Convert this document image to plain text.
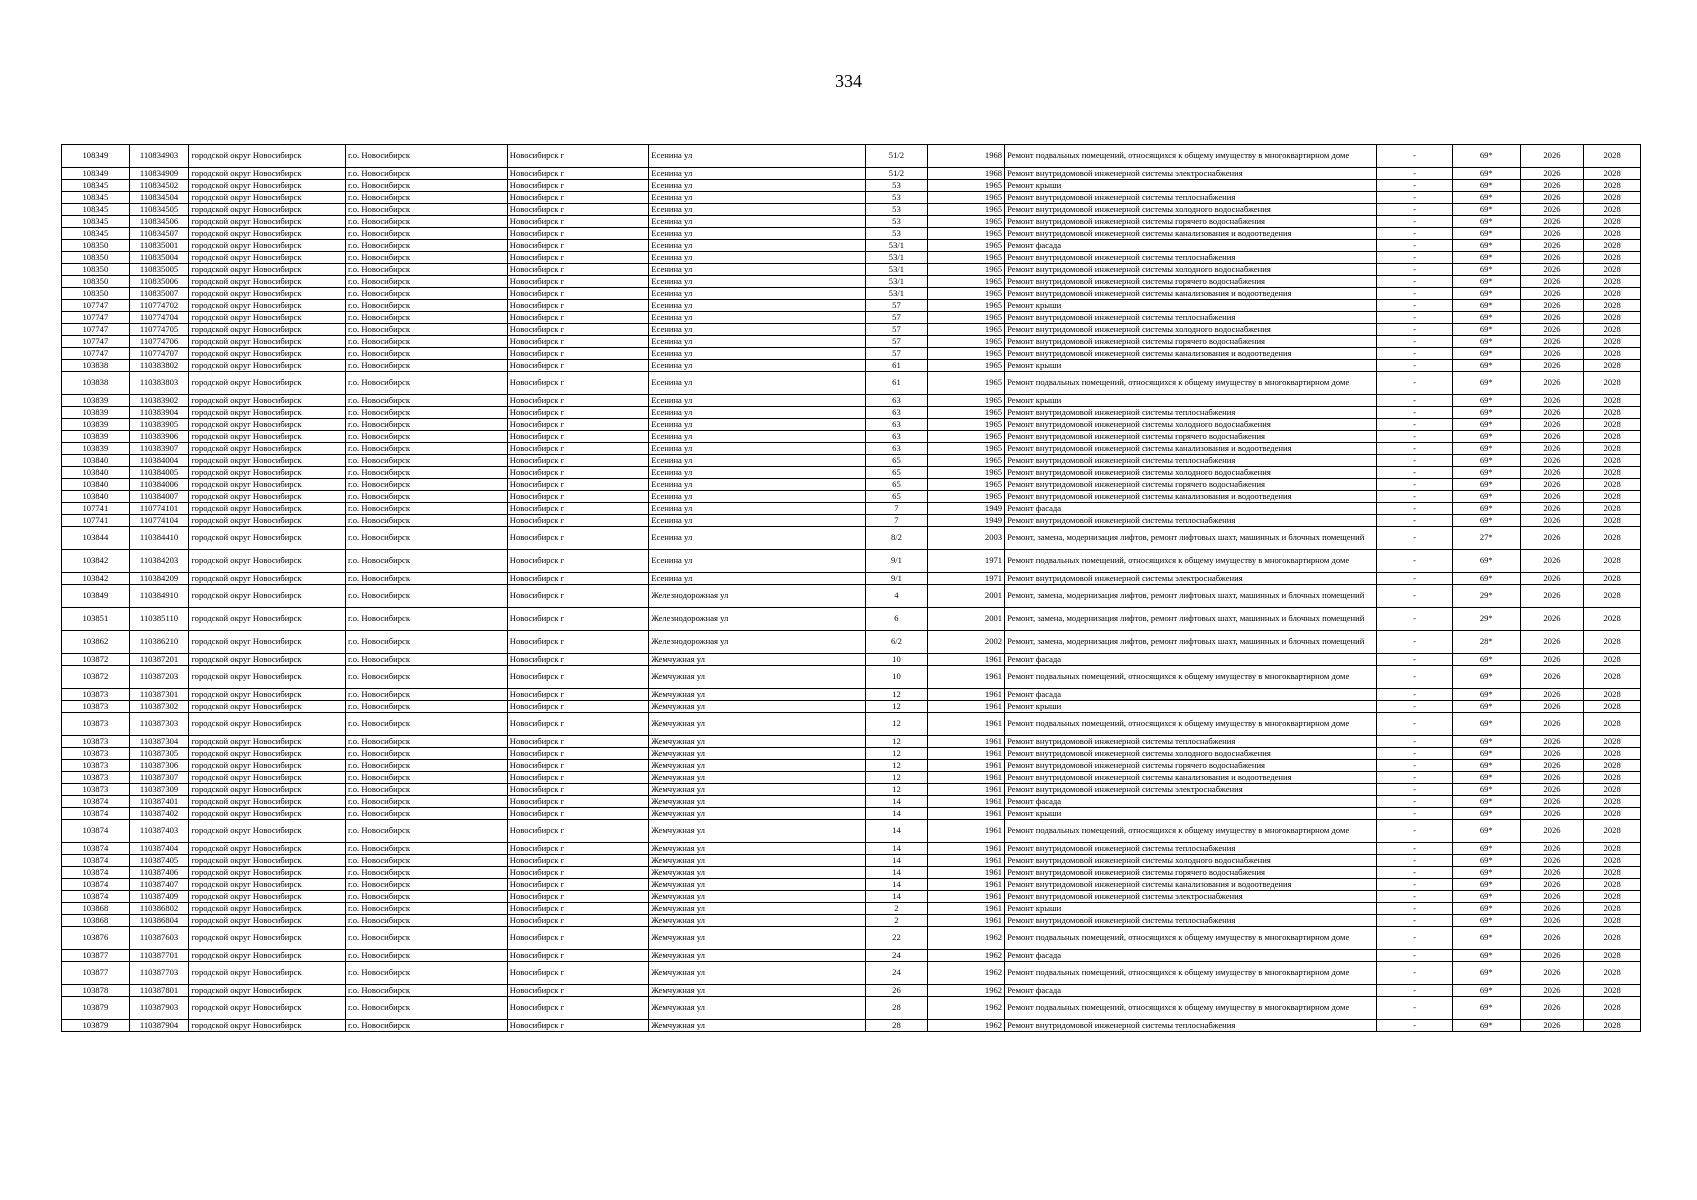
334
108349	110834903	городской округ Новосибирск	г.о. Новосибирск	Новосибирск г	Есенина ул	51/2	1968	Ремонт подвальных помещений, относящихся к общему имуществу в многоквартирном доме	-	69*	2026	2028
108349	110834909	городской округ Новосибирск	г.о. Новосибирск	Новосибирск г	Есенина ул	51/2	1968	Ремонт внутридомовой инженерной системы электроснабжения	-	69*	2026	2028
108345	110834502	городской округ Новосибирск	г.о. Новосибирск	Новосибирск г	Есенина ул	53	1965	Ремонт крыши	-	69*	2026	2028
108345	110834504	городской округ Новосибирск	г.о. Новосибирск	Новосибирск г	Есенина ул	53	1965	Ремонт внутридомовой инженерной системы теплоснабжения	-	69*	2026	2028
108345	110834505	городской округ Новосибирск	г.о. Новосибирск	Новосибирск г	Есенина ул	53	1965	Ремонт внутридомовой инженерной системы холодного водоснабжения	-	69*	2026	2028
108345	110834506	городской округ Новосибирск	г.о. Новосибирск	Новосибирск г	Есенина ул	53	1965	Ремонт внутридомовой инженерной системы горячего водоснабжения	-	69*	2026	2028
108345	110834507	городской округ Новосибирск	г.о. Новосибирск	Новосибирск г	Есенина ул	53	1965	Ремонт внутридомовой инженерной системы канализования и водоотведения	-	69*	2026	2028
108350	110835001	городской округ Новосибирск	г.о. Новосибирск	Новосибирск г	Есенина ул	53/1	1965	Ремонт фасада	-	69*	2026	2028
108350	110835004	городской округ Новосибирск	г.о. Новосибирск	Новосибирск г	Есенина ул	53/1	1965	Ремонт внутридомовой инженерной системы теплоснабжения	-	69*	2026	2028
108350	110835005	городской округ Новосибирск	г.о. Новосибирск	Новосибирск г	Есенина ул	53/1	1965	Ремонт внутридомовой инженерной системы холодного водоснабжения	-	69*	2026	2028
108350	110835006	городской округ Новосибирск	г.о. Новосибирск	Новосибирск г	Есенина ул	53/1	1965	Ремонт внутридомовой инженерной системы горячего водоснабжения	-	69*	2026	2028
108350	110835007	городской округ Новосибирск	г.о. Новосибирск	Новосибирск г	Есенина ул	53/1	1965	Ремонт внутридомовой инженерной системы канализования и водоотведения	-	69*	2026	2028
107747	110774702	городской округ Новосибирск	г.о. Новосибирск	Новосибирск г	Есенина ул	57	1965	Ремонт крыши	-	69*	2026	2028
107747	110774704	городской округ Новосибирск	г.о. Новосибирск	Новосибирск г	Есенина ул	57	1965	Ремонт внутридомовой инженерной системы теплоснабжения	-	69*	2026	2028
107747	110774705	городской округ Новосибирск	г.о. Новосибирск	Новосибирск г	Есенина ул	57	1965	Ремонт внутридомовой инженерной системы холодного водоснабжения	-	69*	2026	2028
107747	110774706	городской округ Новосибирск	г.о. Новосибирск	Новосибирск г	Есенина ул	57	1965	Ремонт внутридомовой инженерной системы горячего водоснабжения	-	69*	2026	2028
107747	110774707	городской округ Новосибирск	г.о. Новосибирск	Новосибирск г	Есенина ул	57	1965	Ремонт внутридомовой инженерной системы канализования и водоотведения	-	69*	2026	2028
103838	110383802	городской округ Новосибирск	г.о. Новосибирск	Новосибирск г	Есенина ул	61	1965	Ремонт крыши	-	69*	2026	2028
103838	110383803	городской округ Новосибирск	г.о. Новосибирск	Новосибирск г	Есенина ул	61	1965	Ремонт подвальных помещений, относящихся к общему имуществу в многоквартирном доме	-	69*	2026	2028
103839	110383902	городской округ Новосибирск	г.о. Новосибирск	Новосибирск г	Есенина ул	63	1965	Ремонт крыши	-	69*	2026	2028
103839	110383904	городской округ Новосибирск	г.о. Новосибирск	Новосибирск г	Есенина ул	63	1965	Ремонт внутридомовой инженерной системы теплоснабжения	-	69*	2026	2028
103839	110383905	городской округ Новосибирск	г.о. Новосибирск	Новосибирск г	Есенина ул	63	1965	Ремонт внутридомовой инженерной системы холодного водоснабжения	-	69*	2026	2028
103839	110383906	городской округ Новосибирск	г.о. Новосибирск	Новосибирск г	Есенина ул	63	1965	Ремонт внутридомовой инженерной системы горячего водоснабжения	-	69*	2026	2028
103839	110383907	городской округ Новосибирск	г.о. Новосибирск	Новосибирск г	Есенина ул	63	1965	Ремонт внутридомовой инженерной системы канализования и водоотведения	-	69*	2026	2028
103840	110384004	городской округ Новосибирск	г.о. Новосибирск	Новосибирск г	Есенина ул	65	1965	Ремонт внутридомовой инженерной системы теплоснабжения	-	69*	2026	2028
103840	110384005	городской округ Новосибирск	г.о. Новосибирск	Новосибирск г	Есенина ул	65	1965	Ремонт внутридомовой инженерной системы холодного водоснабжения	-	69*	2026	2028
103840	110384006	городской округ Новосибирск	г.о. Новосибирск	Новосибирск г	Есенина ул	65	1965	Ремонт внутридомовой инженерной системы горячего водоснабжения	-	69*	2026	2028
103840	110384007	городской округ Новосибирск	г.о. Новосибирск	Новосибирск г	Есенина ул	65	1965	Ремонт внутридомовой инженерной системы канализования и водоотведения	-	69*	2026	2028
107741	110774101	городской округ Новосибирск	г.о. Новосибирск	Новосибирск г	Есенина ул	7	1949	Ремонт фасада	-	69*	2026	2028
107741	110774104	городской округ Новосибирск	г.о. Новосибирск	Новосибирск г	Есенина ул	7	1949	Ремонт внутридомовой инженерной системы теплоснабжения	-	69*	2026	2028
103844	110384410	городской округ Новосибирск	г.о. Новосибирск	Новосибирск г	Есенина ул	8/2	2003	Ремонт, замена, модернизация лифтов, ремонт лифтовых шахт, машинных и блочных помещений	-	27*	2026	2028
103842	110384203	городской округ Новосибирск	г.о. Новосибирск	Новосибирск г	Есенина ул	9/1	1971	Ремонт подвальных помещений, относящихся к общему имуществу в многоквартирном доме	-	69*	2026	2028
103842	110384209	городской округ Новосибирск	г.о. Новосибирск	Новосибирск г	Есенина ул	9/1	1971	Ремонт внутридомовой инженерной системы электроснабжения	-	69*	2026	2028
103849	110384910	городской округ Новосибирск	г.о. Новосибирск	Новосибирск г	Железнодорожная ул	4	2001	Ремонт, замена, модернизация лифтов, ремонт лифтовых шахт, машинных и блочных помещений	-	29*	2026	2028
103851	110385110	городской округ Новосибирск	г.о. Новосибирск	Новосибирск г	Железнодорожная ул	6	2001	Ремонт, замена, модернизация лифтов, ремонт лифтовых шахт, машинных и блочных помещений	-	29*	2026	2028
103862	110386210	городской округ Новосибирск	г.о. Новосибирск	Новосибирск г	Железнодорожная ул	6/2	2002	Ремонт, замена, модернизация лифтов, ремонт лифтовых шахт, машинных и блочных помещений	-	28*	2026	2028
103872	110387201	городской округ Новосибирск	г.о. Новосибирск	Новосибирск г	Жемчужная ул	10	1961	Ремонт фасада	-	69*	2026	2028
103872	110387203	городской округ Новосибирск	г.о. Новосибирск	Новосибирск г	Жемчужная ул	10	1961	Ремонт подвальных помещений, относящихся к общему имуществу в многоквартирном доме	-	69*	2026	2028
103873	110387301	городской округ Новосибирск	г.о. Новосибирск	Новосибирск г	Жемчужная ул	12	1961	Ремонт фасада	-	69*	2026	2028
103873	110387302	городской округ Новосибирск	г.о. Новосибирск	Новосибирск г	Жемчужная ул	12	1961	Ремонт крыши	-	69*	2026	2028
103873	110387303	городской округ Новосибирск	г.о. Новосибирск	Новосибирск г	Жемчужная ул	12	1961	Ремонт подвальных помещений, относящихся к общему имуществу в многоквартирном доме	-	69*	2026	2028
103873	110387304	городской округ Новосибирск	г.о. Новосибирск	Новосибирск г	Жемчужная ул	12	1961	Ремонт внутридомовой инженерной системы теплоснабжения	-	69*	2026	2028
103873	110387305	городской округ Новосибирск	г.о. Новосибирск	Новосибирск г	Жемчужная ул	12	1961	Ремонт внутридомовой инженерной системы холодного водоснабжения	-	69*	2026	2028
103873	110387306	городской округ Новосибирск	г.о. Новосибирск	Новосибирск г	Жемчужная ул	12	1961	Ремонт внутридомовой инженерной системы горячего водоснабжения	-	69*	2026	2028
103873	110387307	городской округ Новосибирск	г.о. Новосибирск	Новосибирск г	Жемчужная ул	12	1961	Ремонт внутридомовой инженерной системы канализования и водоотведения	-	69*	2026	2028
103873	110387309	городской округ Новосибирск	г.о. Новосибирск	Новосибирск г	Жемчужная ул	12	1961	Ремонт внутридомовой инженерной системы электроснабжения	-	69*	2026	2028
103874	110387401	городской округ Новосибирск	г.о. Новосибирск	Новосибирск г	Жемчужная ул	14	1961	Ремонт фасада	-	69*	2026	2028
103874	110387402	городской округ Новосибирск	г.о. Новосибирск	Новосибирск г	Жемчужная ул	14	1961	Ремонт крыши	-	69*	2026	2028
103874	110387403	городской округ Новосибирск	г.о. Новосибирск	Новосибирск г	Жемчужная ул	14	1961	Ремонт подвальных помещений, относящихся к общему имуществу в многоквартирном доме	-	69*	2026	2028
103874	110387404	городской округ Новосибирск	г.о. Новосибирск	Новосибирск г	Жемчужная ул	14	1961	Ремонт внутридомовой инженерной системы теплоснабжения	-	69*	2026	2028
103874	110387405	городской округ Новосибирск	г.о. Новосибирск	Новосибирск г	Жемчужная ул	14	1961	Ремонт внутридомовой инженерной системы холодного водоснабжения	-	69*	2026	2028
103874	110387406	городской округ Новосибирск	г.о. Новосибирск	Новосибирск г	Жемчужная ул	14	1961	Ремонт внутридомовой инженерной системы горячего водоснабжения	-	69*	2026	2028
103874	110387407	городской округ Новосибирск	г.о. Новосибирск	Новосибирск г	Жемчужная ул	14	1961	Ремонт внутридомовой инженерной системы канализования и водоотведения	-	69*	2026	2028
103874	110387409	городской округ Новосибирск	г.о. Новосибирск	Новосибирск г	Жемчужная ул	14	1961	Ремонт внутридомовой инженерной системы электроснабжения	-	69*	2026	2028
103868	110386802	городской округ Новосибирск	г.о. Новосибирск	Новосибирск г	Жемчужная ул	2	1961	Ремонт крыши	-	69*	2026	2028
103868	110386804	городской округ Новосибирск	г.о. Новосибирск	Новосибирск г	Жемчужная ул	2	1961	Ремонт внутридомовой инженерной системы теплоснабжения	-	69*	2026	2028
103876	110387603	городской округ Новосибирск	г.о. Новосибирск	Новосибирск г	Жемчужная ул	22	1962	Ремонт подвальных помещений, относящихся к общему имуществу в многоквартирном доме	-	69*	2026	2028
103877	110387701	городской округ Новосибирск	г.о. Новосибирск	Новосибирск г	Жемчужная ул	24	1962	Ремонт фасада	-	69*	2026	2028
103877	110387703	городской округ Новосибирск	г.о. Новосибирск	Новосибирск г	Жемчужная ул	24	1962	Ремонт подвальных помещений, относящихся к общему имуществу в многоквартирном доме	-	69*	2026	2028
103878	110387801	городской округ Новосибирск	г.о. Новосибирск	Новосибирск г	Жемчужная ул	26	1962	Ремонт фасада	-	69*	2026	2028
103879	110387903	городской округ Новосибирск	г.о. Новосибирск	Новосибирск г	Жемчужная ул	28	1962	Ремонт подвальных помещений, относящихся к общему имуществу в многоквартирном доме	-	69*	2026	2028
103879	110387904	городской округ Новосибирск	г.о. Новосибирск	Новосибирск г	Жемчужная ул	28	1962	Ремонт внутридомовой инженерной системы теплоснабжения	-	69*	2026	2028
